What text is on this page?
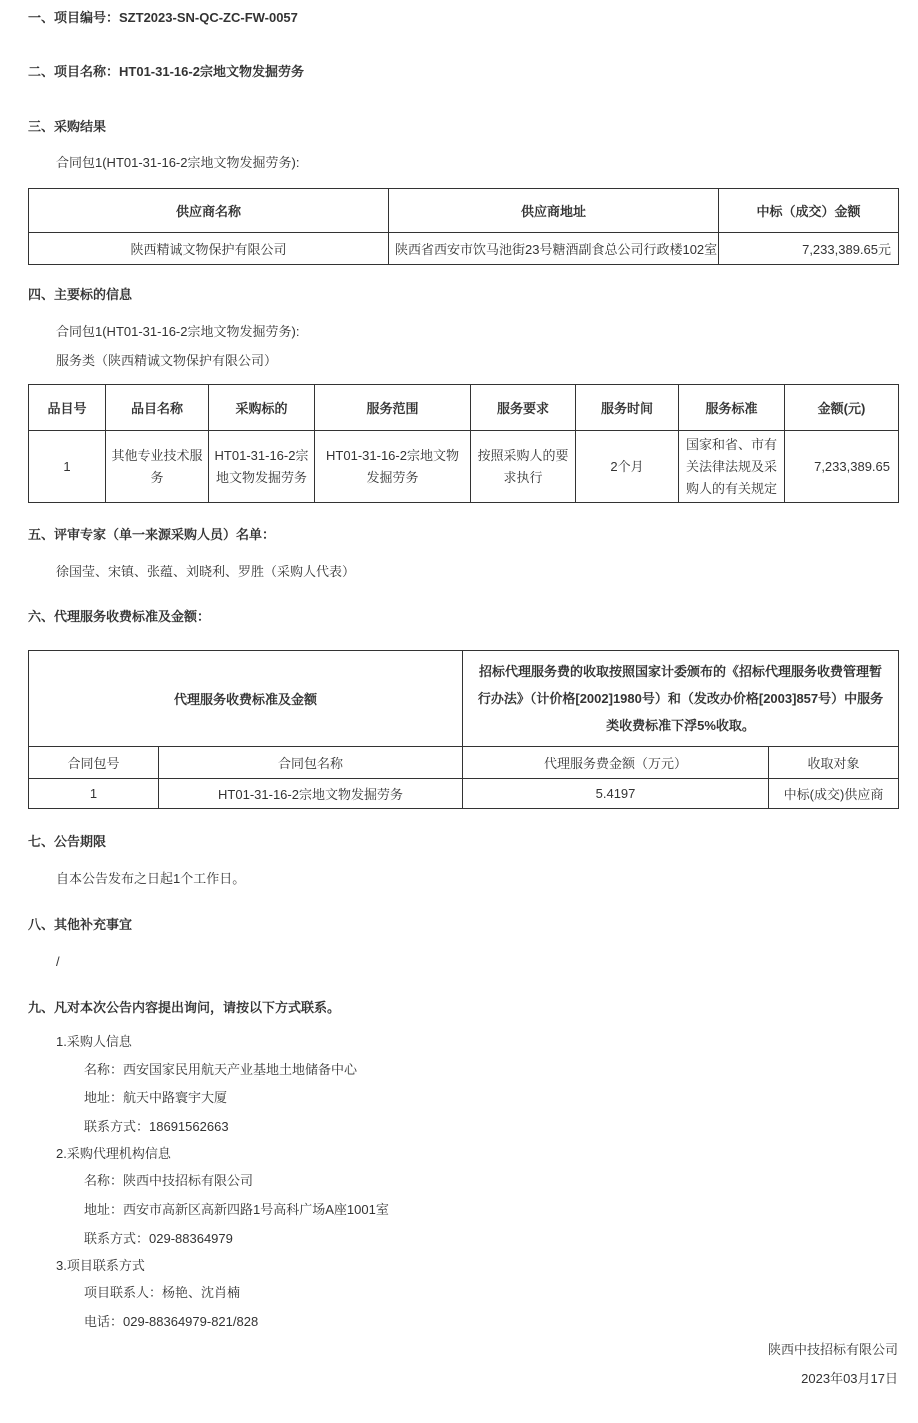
一、项目编号：SZT2023-SN-QC-ZC-FW-0057
二、项目名称：HT01-31-16-2宗地文物发掘劳务
三、采购结果
合同包1(HT01-31-16-2宗地文物发掘劳务):
供应商名称	供应商地址	中标（成交）金额
陕西精诚文物保护有限公司	陕西省西安市饮马池街23号糖酒副食总公司行政楼102室	7,233,389.65元
四、主要标的信息
合同包1(HT01-31-16-2宗地文物发掘劳务):
服务类（陕西精诚文物保护有限公司）
品目号	品目名称	采购标的	服务范围	服务要求	服务时间	服务标准	金额(元)
1	其他专业技术服务	HT01-31-16-2宗地文物发掘劳务	HT01-31-16-2宗地文物发掘劳务	按照采购人的要求执行	2个月	国家和省、市有关法律法规及采购人的有关规定	7,233,389.65
五、评审专家（单一来源采购人员）名单：
徐国莹、宋镇、张蕴、刘晓利、罗胜（采购人代表）
六、代理服务收费标准及金额：
代理服务收费标准及金额		招标代理服务费的收取按照国家计委颁布的《招标代理服务收费管理暂行办法》（计价格[2002]1980号）和（发改办价格[2003]857号）中服务类收费标准下浮5%收取。	
合同包号	合同包名称	代理服务费金额（万元）	收取对象
1	HT01-31-16-2宗地文物发掘劳务	5.4197	中标(成交)供应商
七、公告期限
自本公告发布之日起1个工作日。
八、其他补充事宜
/
九、凡对本次公告内容提出询问，请按以下方式联系。
1.采购人信息
名称：西安国家民用航天产业基地土地储备中心
地址：航天中路寰宇大厦
联系方式：18691562663
2.采购代理机构信息
名称：陕西中技招标有限公司
地址：西安市高新区高新四路1号高科广场A座1001室
联系方式：029-88364979
3.项目联系方式
项目联系人：杨艳、沈肖楠
电话：029-88364979-821/828
陕西中技招标有限公司
2023年03月17日
